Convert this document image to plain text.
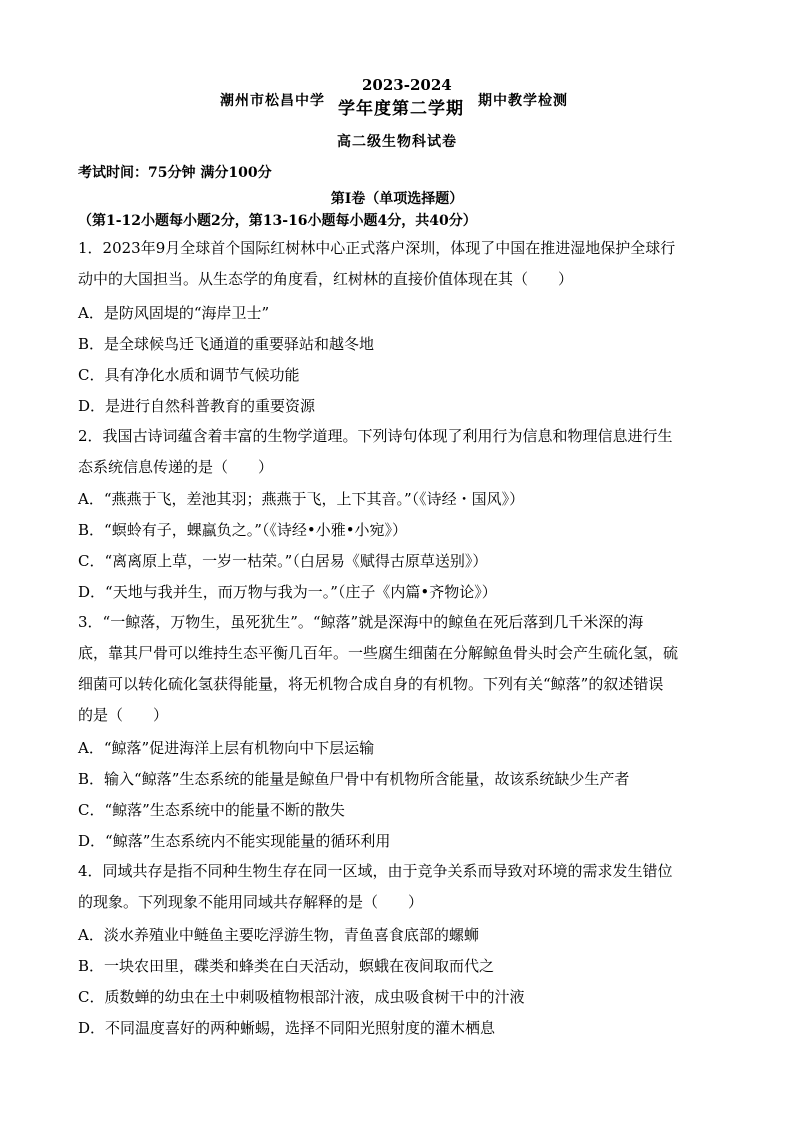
潮州市松昌中学
2023-2024
学年度第二学期 期中教学检测
高二级生物科试卷
考试时间：75分钟 满分100分
第Ⅰ卷（单项选择题）
（第1-12小题每小题2分，第13-16小题每小题4分，共40分）

1．2023年9月全球首个国际红树林中心正式落户深圳，体现了中国在推进湿地保护全球行

动中的大国担当。从生态学的角度看，红树林的直接价值体现在其（　　）

A．是防风固堤的“海岸卫士”
B．是全球候鸟迁飞通道的重要驿站和越冬地
C．具有净化水质和调节气候功能
D．是进行自然科普教育的重要资源

2．我国古诗词蕴含着丰富的生物学道理。下列诗句体现了利用行为信息和物理信息进行生

态系统信息传递的是（　　）

A．“燕燕于飞，差池其羽；燕燕于飞，上下其音。”（《诗经・国风》）
B．“螟蛉有子，蜾蠃负之。”（《诗经•小雅•小宛》）
C．“离离原上草，一岁一枯荣。”（白居易《赋得古原草送别》）
D．“天地与我并生，而万物与我为一。”（庄子《内篇•齐物论》）

3．“一鲸落，万物生，虽死犹生”。“鲸落”就是深海中的鲸鱼在死后落到几千米深的海

底，靠其尸骨可以维持生态平衡几百年。一些腐生细菌在分解鲸鱼骨头时会产生硫化氢，硫

细菌可以转化硫化氢获得能量，将无机物合成自身的有机物。下列有关“鲸落”的叙述错误

的是（　　）

A．“鲸落”促进海洋上层有机物向中下层运输
B．输入“鲸落”生态系统的能量是鲸鱼尸骨中有机物所含能量，故该系统缺少生产者
C．“鲸落”生态系统中的能量不断的散失
D．“鲸落”生态系统内不能实现能量的循环利用

4．同域共存是指不同种生物生存在同一区域，由于竞争关系而导致对环境的需求发生错位

的现象。下列现象不能用同域共存解释的是（　　）

A．淡水养殖业中鲢鱼主要吃浮游生物，青鱼喜食底部的螺蛳
B．一块农田里，碟类和蜂类在白天活动，螟蛾在夜间取而代之
C．质数蝉的幼虫在土中刺吸植物根部汁液，成虫吸食树干中的汁液
D．不同温度喜好的两种蜥蜴，选择不同阳光照射度的灌木栖息
